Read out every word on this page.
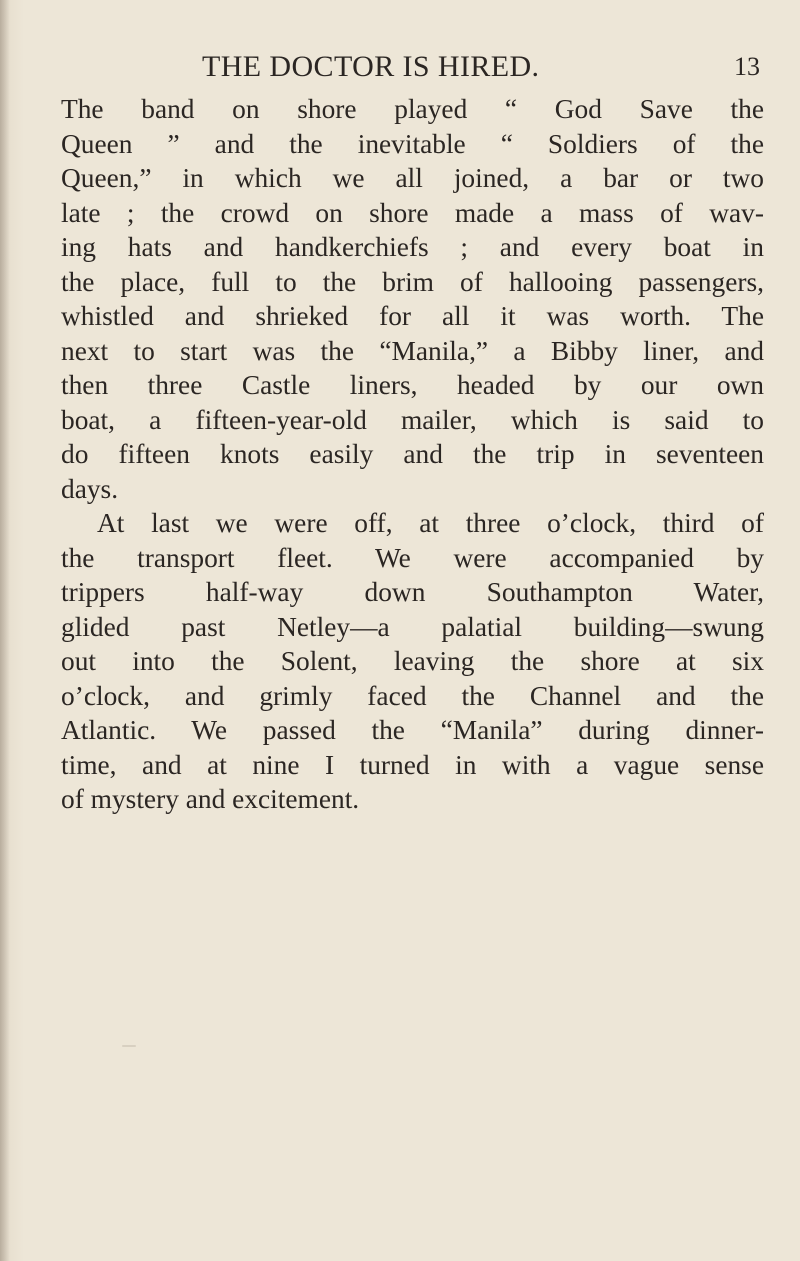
THE DOCTOR IS HIRED.	13
The band on shore played “ God Save the
Queen ” and the inevitable “ Soldiers of the
Queen,” in which we all joined, a bar or two
late ; the crowd on shore made a mass of wav-
ing hats and handkerchiefs ; and every boat in
the place, full to the brim of hallooing passengers,
whistled and shrieked for all it was worth. The
next to start was the “Manila,” a Bibby liner, and
then three Castle liners, headed by our own
boat, a fifteen-year-old mailer, which is said to
do fifteen knots easily and the trip in seventeen
days.
At last we were off, at three o’clock, third of
the transport fleet. We were accompanied by
trippers half-way down Southampton Water,
glided past Netley—a palatial building—swung
out into the Solent, leaving the shore at six
o’clock, and grimly faced the Channel and the
Atlantic. We passed the “Manila” during dinner-
time, and at nine I turned in with a vague sense
of mystery and excitement.
